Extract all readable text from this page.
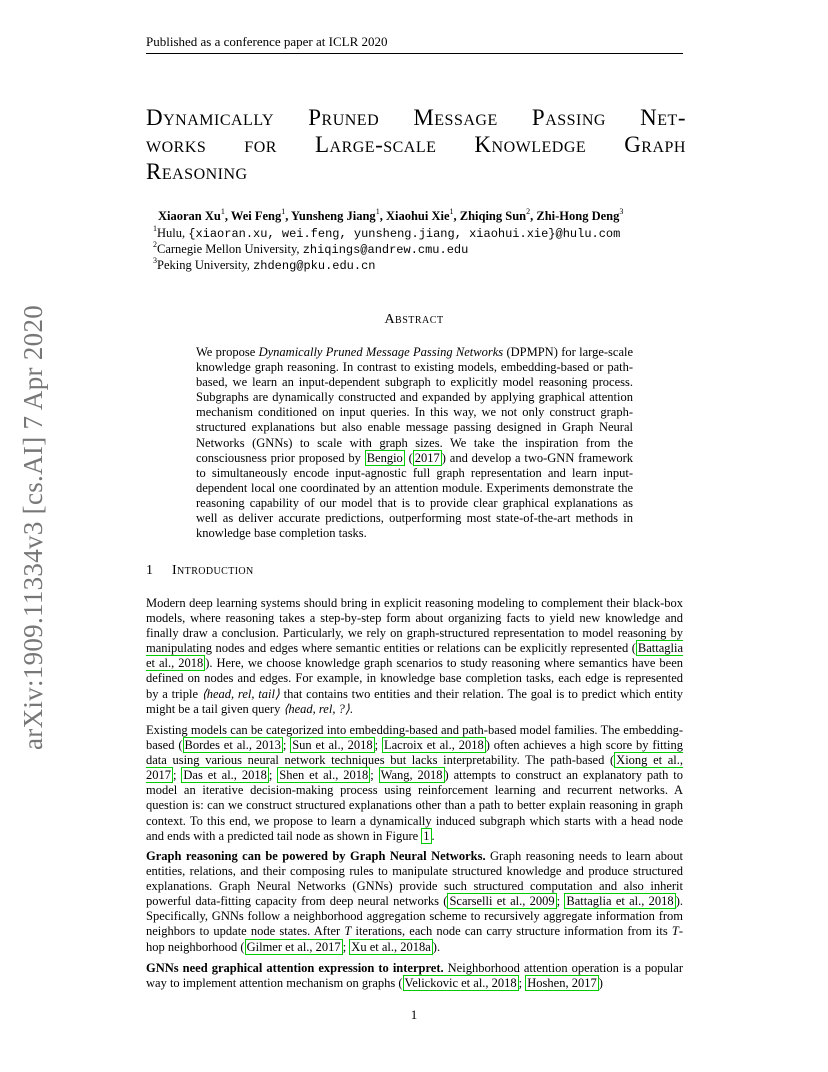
Published as a conference paper at ICLR 2020
arXiv:1909.11334v3 [cs.AI] 7 Apr 2020
Dynamically Pruned Message Passing Net-
works for Large-scale Knowledge Graph
Reasoning
Xiaoran Xu$^1$, Wei Feng$^1$, Yunsheng Jiang$^1$, Xiaohui Xie$^1$, Zhiqing Sun$^2$, Zhi-Hong Deng$^3$
$^1$Hulu, {xiaoran.xu, wei.feng, yunsheng.jiang, xiaohui.xie}@hulu.com
$^2$Carnegie Mellon University, zhiqings@andrew.cmu.edu
$^3$Peking University, zhdeng@pku.edu.cn
Abstract
We propose Dynamically Pruned Message Passing Networks (DPMPN) for large-scale knowledge graph reasoning. In contrast to existing models, embedding-based or path-based, we learn an input-dependent subgraph to explicitly model reasoning process. Subgraphs are dynamically constructed and expanded by applying graphical attention mechanism conditioned on input queries. In this way, we not only construct graph-structured explanations but also enable message passing designed in Graph Neural Networks (GNNs) to scale with graph sizes. We take the inspiration from the consciousness prior proposed by Bengio ( 2017 ) and develop a two-GNN framework to simultaneously encode input-agnostic full graph representation and learn input-dependent local one coordinated by an attention module. Experiments demonstrate the reasoning capability of our model that is to provide clear graphical explanations as well as deliver accurate predictions, outperforming most state-of-the-art methods in knowledge base completion tasks.
1 Introduction
Modern deep learning systems should bring in explicit reasoning modeling to complement their black-box models, where reasoning takes a step-by-step form about organizing facts to yield new knowledge and finally draw a conclusion. Particularly, we rely on graph-structured representation to model reasoning by manipulating nodes and edges where semantic entities or relations can be explicitly represented ( Battaglia et al., 2018 ). Here, we choose knowledge graph scenarios to study reasoning where semantics have been defined on nodes and edges. For example, in knowledge base completion tasks, each edge is represented by a triple ⟨head, rel, tail⟩ that contains two entities and their relation. The goal is to predict which entity might be a tail given query ⟨head, rel, ?⟩.
Existing models can be categorized into embedding-based and path-based model families. The embedding-based ( Bordes et al., 2013 ; Sun et al., 2018 ; Lacroix et al., 2018 ) often achieves a high score by fitting data using various neural network techniques but lacks interpretability. The path-based ( Xiong et al., 2017 ; Das et al., 2018 ; Shen et al., 2018 ; Wang, 2018 ) attempts to construct an explanatory path to model an iterative decision-making process using reinforcement learning and recurrent networks. A question is: can we construct structured explanations other than a path to better explain reasoning in graph context. To this end, we propose to learn a dynamically induced subgraph which starts with a head node and ends with a predicted tail node as shown in Figure 1 .
Graph reasoning can be powered by Graph Neural Networks. Graph reasoning needs to learn about entities, relations, and their composing rules to manipulate structured knowledge and produce structured explanations. Graph Neural Networks (GNNs) provide such structured computation and also inherit powerful data-fitting capacity from deep neural networks ( Scarselli et al., 2009 ; Battaglia et al., 2018 ). Specifically, GNNs follow a neighborhood aggregation scheme to recursively aggregate information from neighbors to update node states. After T iterations, each node can carry structure information from its T-hop neighborhood ( Gilmer et al., 2017 ; Xu et al., 2018a ).
GNNs need graphical attention expression to interpret. Neighborhood attention operation is a popular way to implement attention mechanism on graphs ( Velickovic et al., 2018 ; Hoshen, 2017 )
1
